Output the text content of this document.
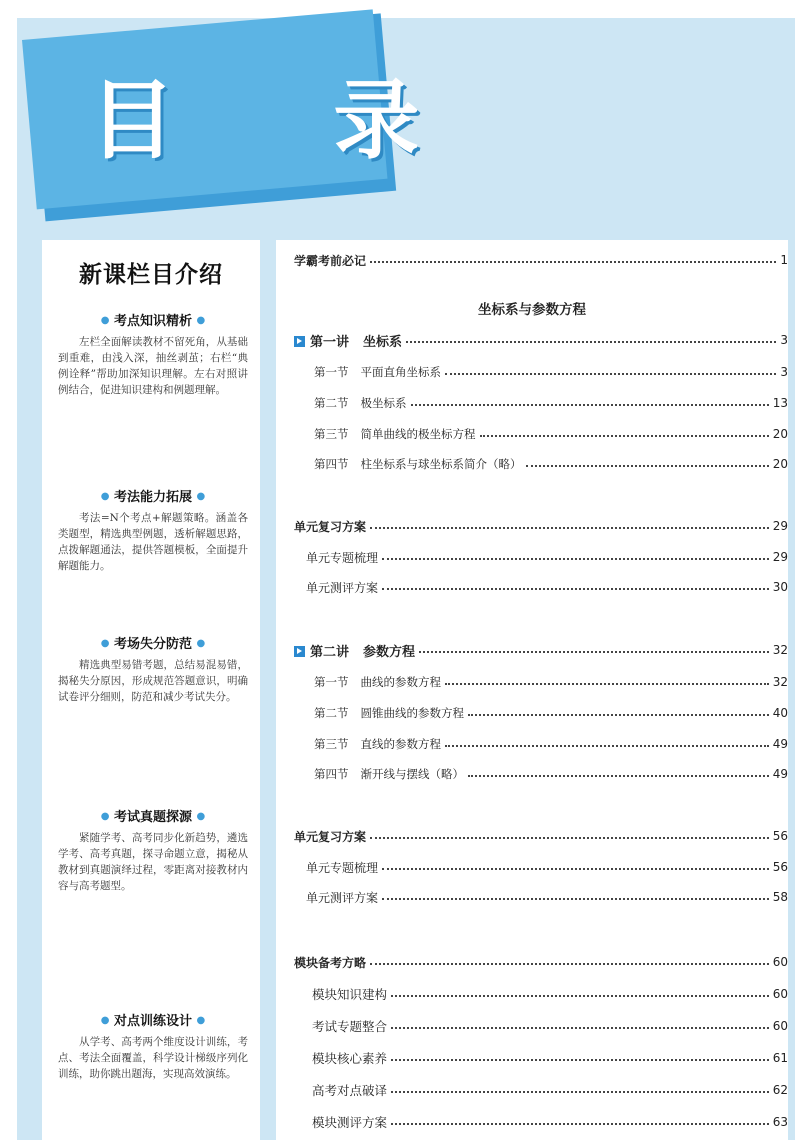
目 录
新课栏目介绍
● 考点知识精析 ●
左栏全面解读教材不留死角，从基础到重难，由浅入深，抽丝剥茧；右栏“典例诠释”帮助加深知识理解。左右对照讲例结合，促进知识建构和例题理解。
● 考法能力拓展 ●
考法=N个考点+解题策略。涵盖各类题型，精选典型例题，透析解题思路，点拨解题通法，提供答题模板，全面提升解题能力。
● 考场失分防范 ●
精选典型易错考题，总结易混易错，揭秘失分原因，形成规范答题意识，明确试卷评分细则，防范和减少考试失分。
● 考试真题探源 ●
紧随学考、高考同步化新趋势，遴选学考、高考真题，探寻命题立意，揭秘从教材到真题演绎过程，零距离对接教材内容与高考题型。
● 对点训练设计 ●
从学考、高考两个维度设计训练，考点、考法全面覆盖，科学设计梯级序列化训练，助你跳出题海，实现高效演练。
学霸考前必记	1
坐标系与参数方程
第一讲 坐标系	3
第一节 平面直角坐标系	3
第二节 极坐标系	13
第三节 简单曲线的极坐标方程	20
第四节 柱坐标系与球坐标系简介（略）	20
单元复习方案	29
单元专题梳理	29
单元测评方案	30
第二讲 参数方程	32
第一节 曲线的参数方程	32
第二节 圆锥曲线的参数方程	40
第三节 直线的参数方程	49
第四节 渐开线与摆线（略）	49
单元复习方案	56
单元专题梳理	56
单元测评方案	58
模块备考方略	60
模块知识建构	60
考试专题整合	60
模块核心素养	61
高考对点破译	62
模块测评方案	63
